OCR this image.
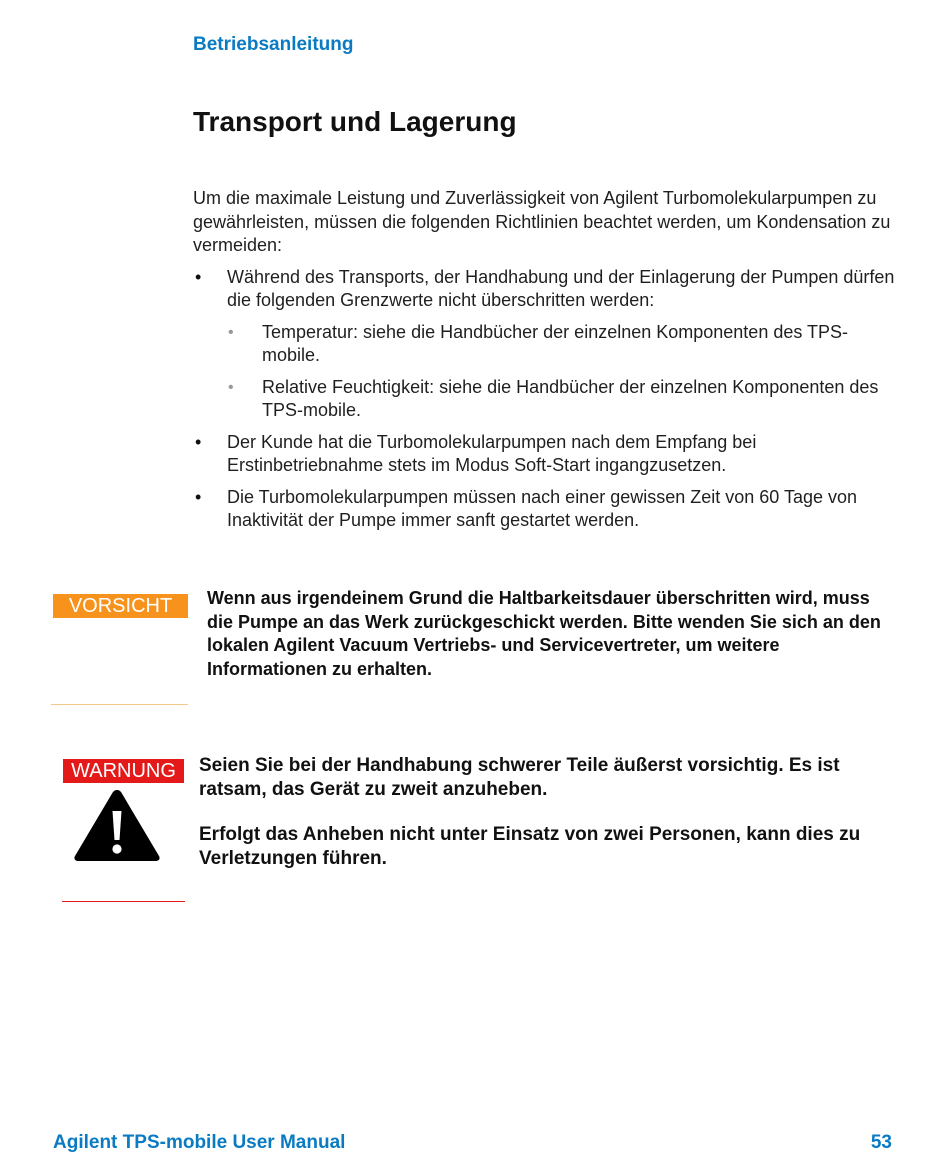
Betriebsanleitung
Transport und Lagerung

Um die maximale Leistung und Zuverlässigkeit von Agilent Turbomolekularpumpen zu gewährleisten, müssen die folgenden Richtlinien beachtet werden, um Kondensation zu vermeiden:

• Während des Transports, der Handhabung und der Einlagerung der Pumpen dürfen die folgenden Grenzwerte nicht überschritten werden:
• Temperatur: siehe die Handbücher der einzelnen Komponenten des TPS-mobile.
• Relative Feuchtigkeit: siehe die Handbücher der einzelnen Komponenten des TPS-mobile.
• Der Kunde hat die Turbomolekularpumpen nach dem Empfang bei Erstinbetriebnahme stets im Modus Soft-Start ingangzusetzen.
• Die Turbomolekularpumpen müssen nach einer gewissen Zeit von 60 Tage von Inaktivität der Pumpe immer sanft gestartet werden.
VORSICHT	Wenn aus irgendeinem Grund die Haltbarkeitsdauer überschritten wird, muss die Pumpe an das Werk zurückgeschickt werden. Bitte wenden Sie sich an den lokalen Agilent Vacuum Vertriebs- und Servicevertreter, um weitere Informationen zu erhalten.

WARNUNG	Seien Sie bei der Handhabung schwerer Teile äußerst vorsichtig. Es ist ratsam, das Gerät zu zweit anzuheben.

Erfolgt das Anheben nicht unter Einsatz von zwei Personen, kann dies zu Verletzungen führen.

Agilent TPS-mobile User Manual	53
